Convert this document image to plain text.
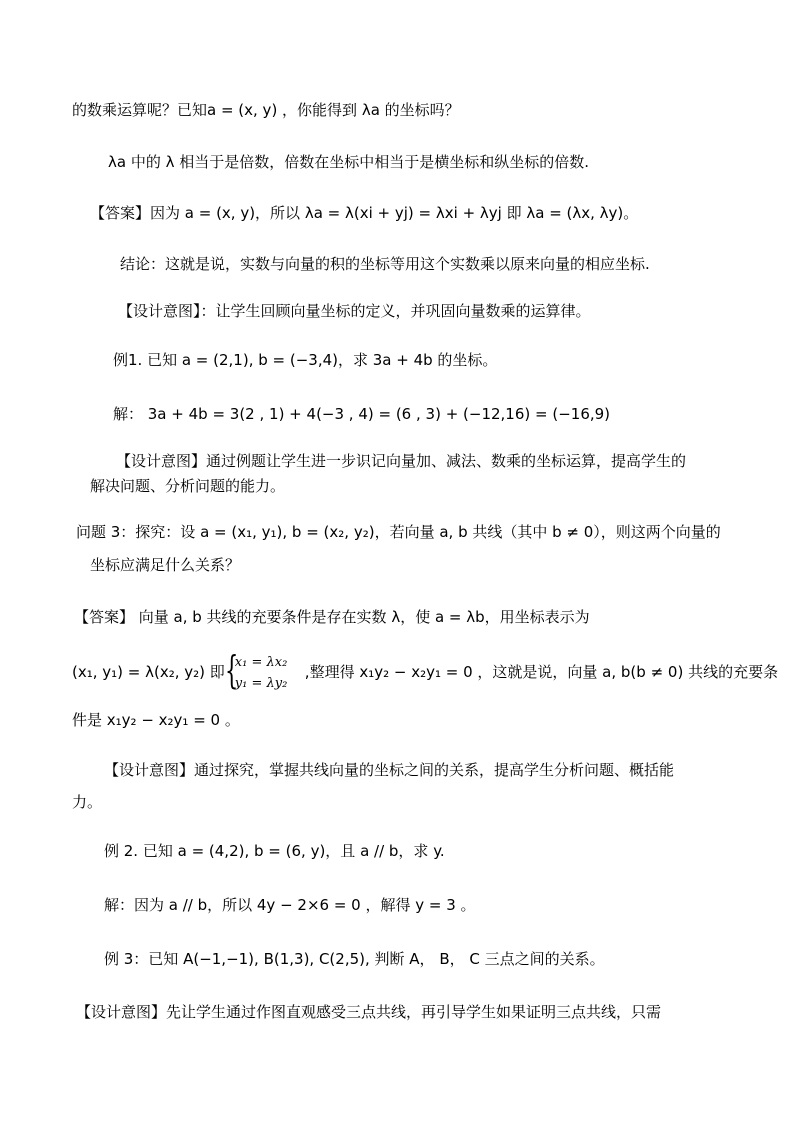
的数乘运算呢？已知a = (x, y) ，你能得到 λa 的坐标吗？
λa 中的 λ 相当于是倍数，倍数在坐标中相当于是横坐标和纵坐标的倍数.
【答案】因为 a = (x, y)，所以 λa = λ(xi + yj) = λxi + λyj 即 λa = (λx, λy)。
结论：这就是说，实数与向量的积的坐标等用这个实数乘以原来向量的相应坐标.
【设计意图】：让学生回顾向量坐标的定义，并巩固向量数乘的运算律。
例1. 已知 a = (2,1), b = (−3,4)，求 3a + 4b 的坐标。
解： 3a + 4b = 3(2 , 1) + 4(−3 , 4) = (6 , 3) + (−12,16) = (−16,9)
【设计意图】通过例题让学生进一步识记向量加、减法、数乘的坐标运算，提高学生的
解决问题、分析问题的能力。
问题 3：探究：设 a = (x₁, y₁), b = (x₂, y₂)，若向量 a, b 共线（其中 b ≠ 0），则这两个向量的
坐标应满足什么关系？
【答案】 向量 a, b 共线的充要条件是存在实数 λ，使 a = λb，用坐标表示为
(x₁, y₁) = λ(x₂, y₂) 即 {
x₁ = λx₂
y₁ = λy₂
,整理得 x₁y₂ − x₂y₁ = 0 ，这就是说，向量 a, b(b ≠ 0) 共线的充要条
件是 x₁y₂ − x₂y₁ = 0 。
【设计意图】通过探究，掌握共线向量的坐标之间的关系，提高学生分析问题、概括能
力。
例 2. 已知 a = (4,2), b = (6, y)，且 a // b，求 y.
解：因为 a // b，所以 4y − 2×6 = 0 ，解得 y = 3 。
例 3：已知 A(−1,−1), B(1,3), C(2,5), 判断 A， B， C 三点之间的关系。
【设计意图】先让学生通过作图直观感受三点共线，再引导学生如果证明三点共线，只需
